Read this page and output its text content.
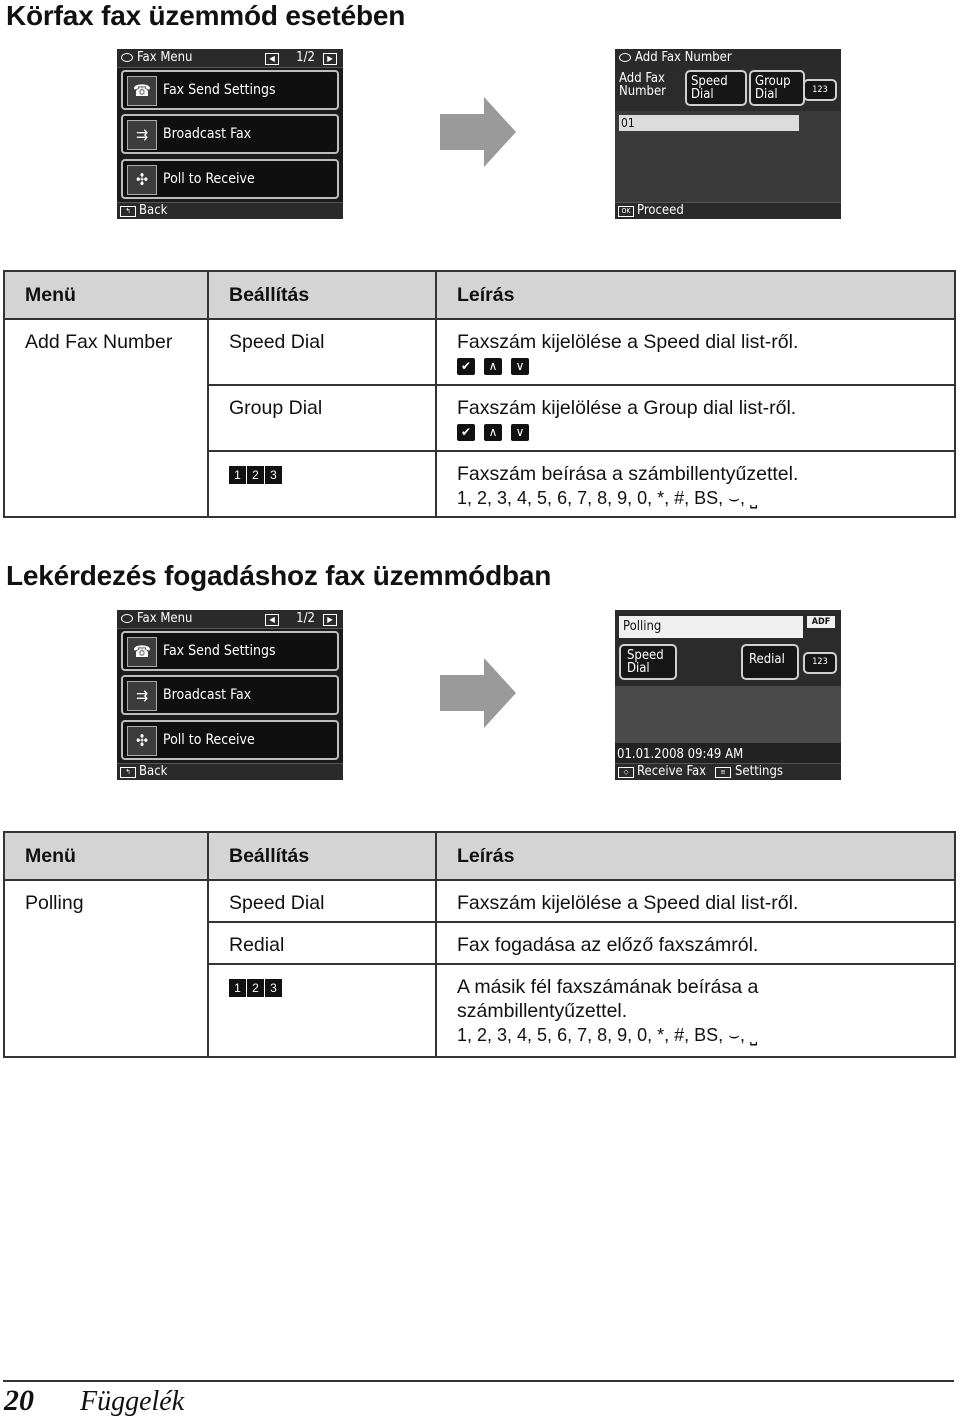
Körfax fax üzemmód esetében
Fax Menu	◀	1/2	▶
☎ Fax Send Settings
⇉	Broadcast Fax
✣	Poll to Receive
↰ Back
Add Fax Number
Add Fax
Number
Speed
Dial
Group
Dial	123
01
OK Proceed
Menü	Beállítás	Leírás
Add Fax Number	Speed Dial	Faxszám kijelölése a Speed dial list-ről.
✔ ∧ ∨

	Group Dial	Faxszám kijelölése a Group dial list-ről.
✔ ∧ ∨

	1 2 3	Faxszám beírása a számbillentyűzettel.
1, 2, 3, 4, 5, 6, 7, 8, 9, 0, *, #, BS, ⌣, ⎵
Lekérdezés fogadáshoz fax üzemmódban
Fax Menu	◀	1/2	▶
☎ Fax Send Settings
⇉	Broadcast Fax
✣	Poll to Receive
↰ Back
Polling	ADF
Speed
Dial
Redial	123
01.01.2008 09:49 AM
◇ Receive Fax	≡ Settings
Menü	Beállítás	Leírás
Polling	Speed Dial	Faxszám kijelölése a Speed dial list-ről.
	Redial	Fax fogadása az előző faxszámról.
	1 2 3	A másik fél faxszámának beírása a számbillentyűzettel.
1, 2, 3, 4, 5, 6, 7, 8, 9, 0, *, #, BS, ⌣, ⎵
20 Függelék
